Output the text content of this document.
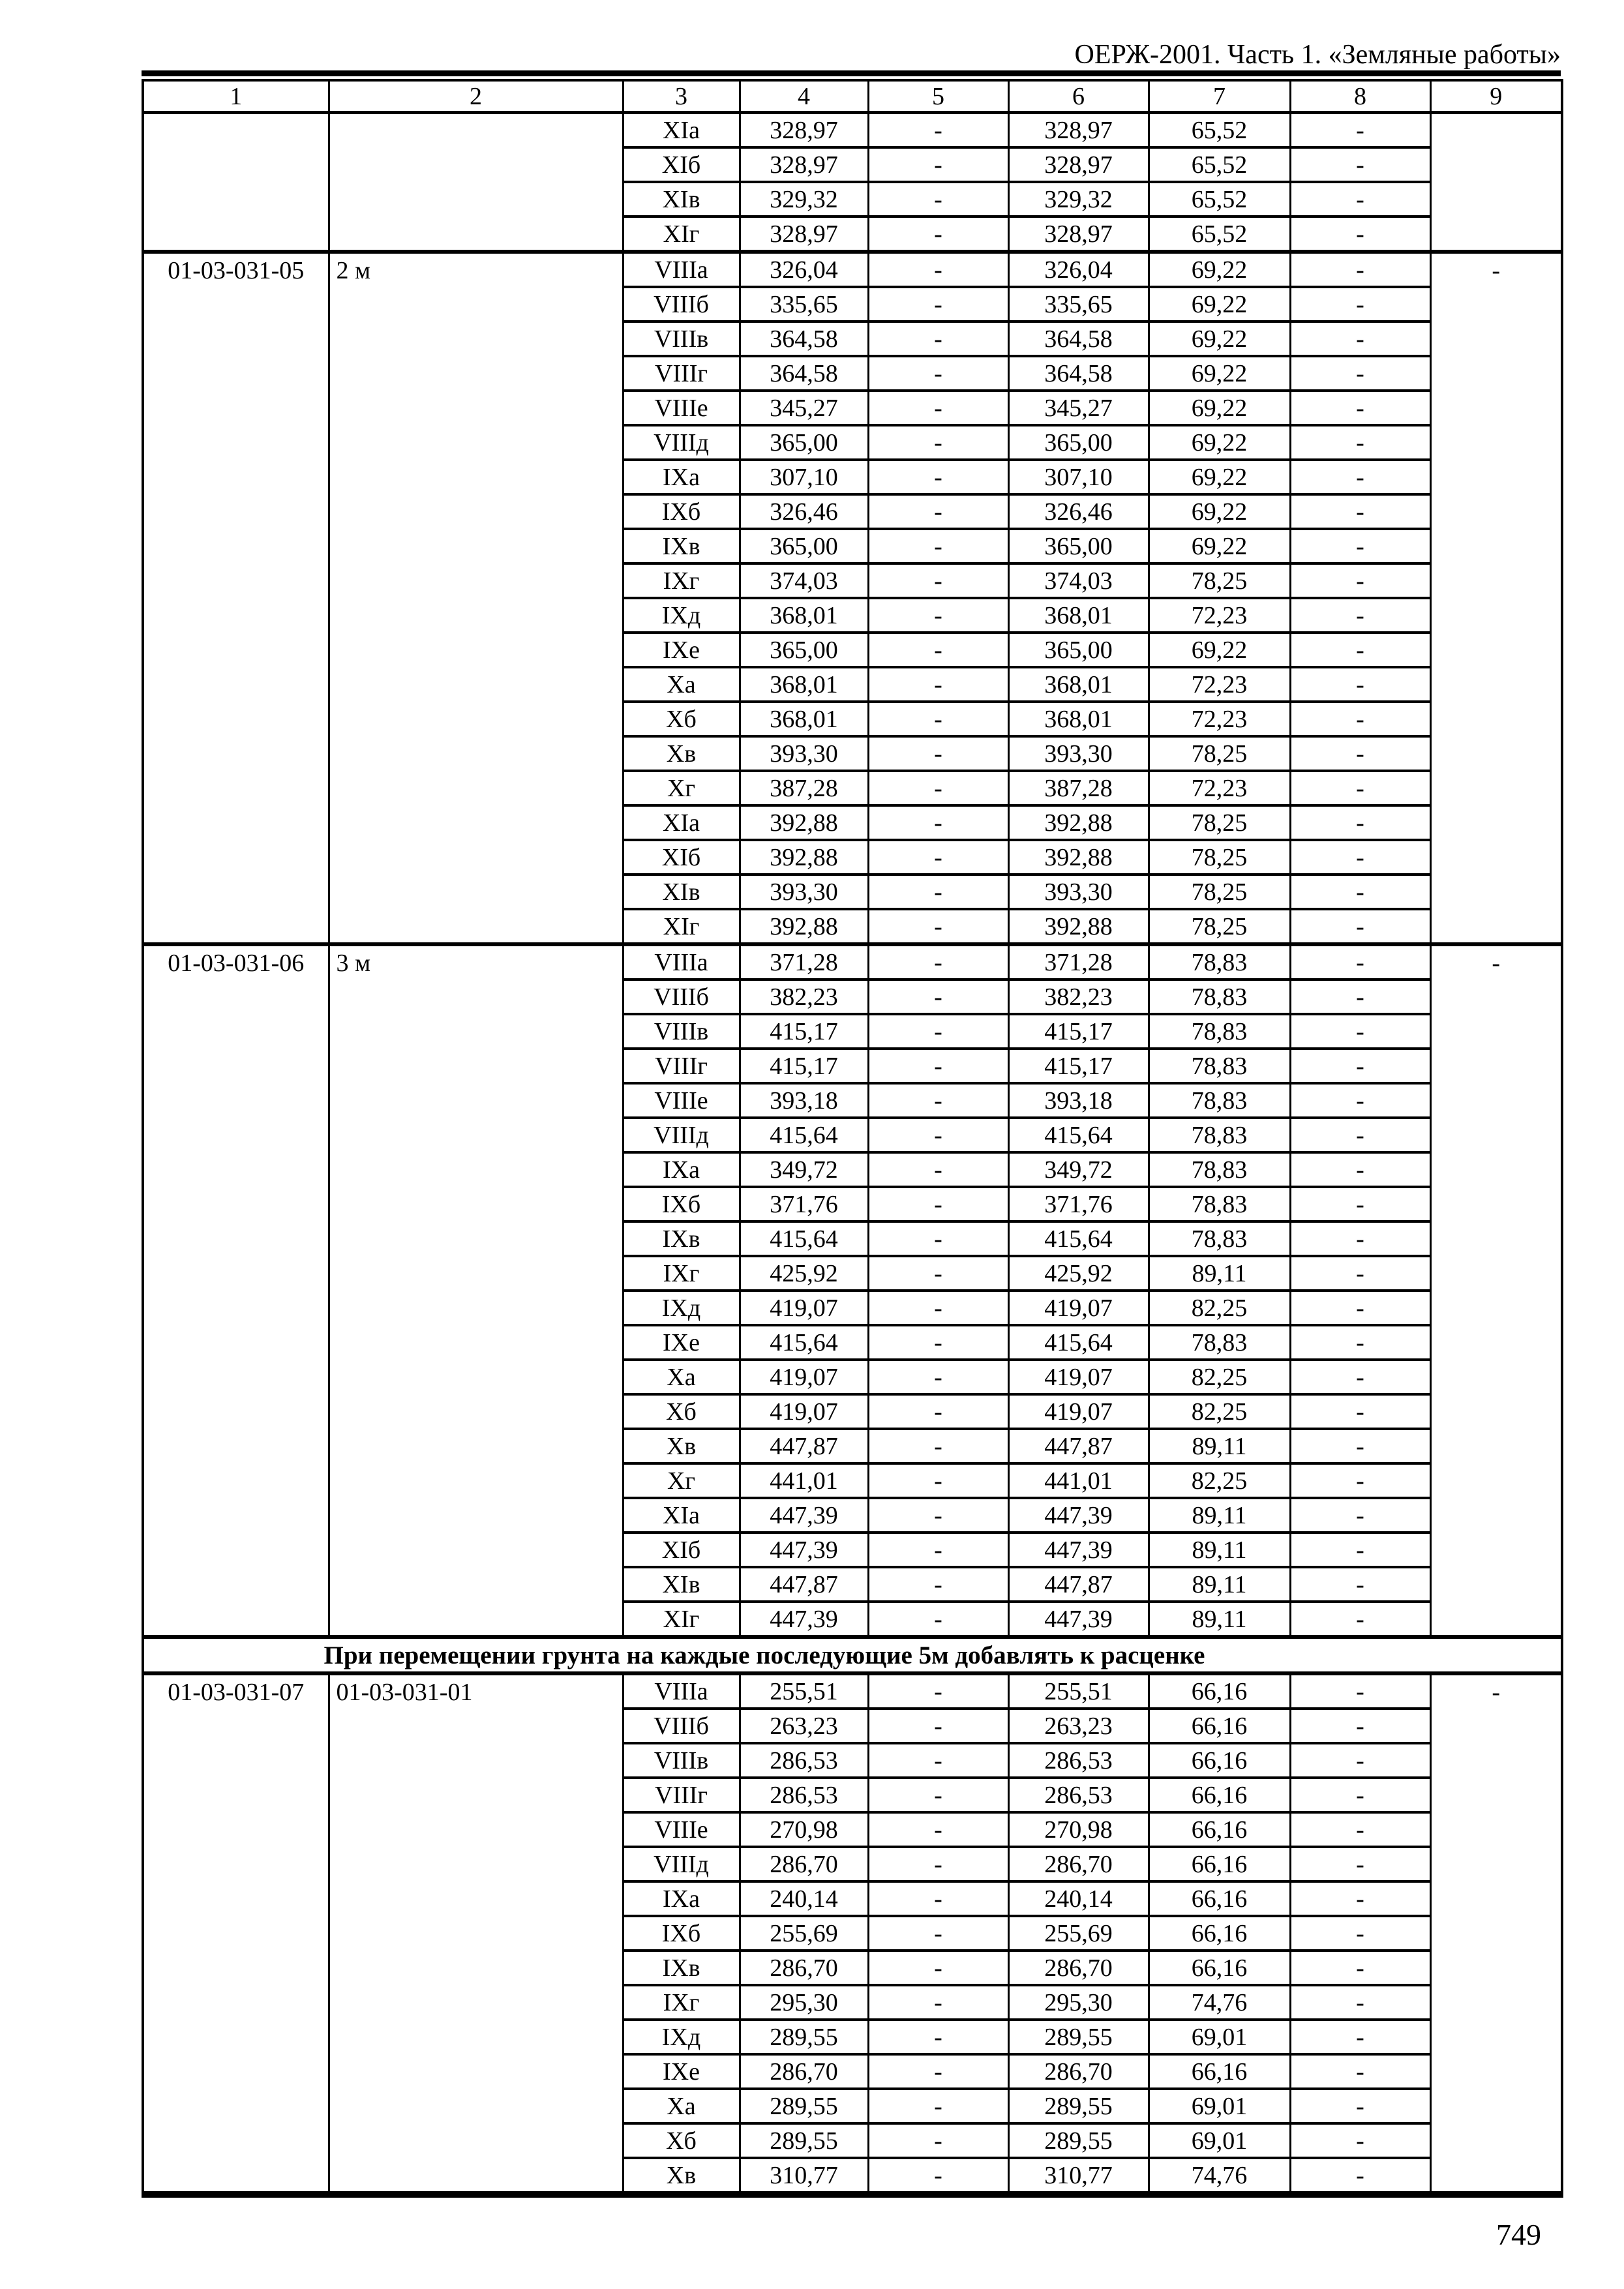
ОЕРЖ-2001. Часть 1. «Земляные работы»
1	2	3	4	5	6	7	8	9
		XIа	328,97	-	328,97	65,52	-	
		XIб	328,97	-	328,97	65,52	-	
		XIв	329,32	-	329,32	65,52	-	
		XIг	328,97	-	328,97	65,52	-	
01-03-031-05	2 м	VIIIа	326,04	-	326,04	69,22	-	-
		VIIIб	335,65	-	335,65	69,22	-	
		VIIIв	364,58	-	364,58	69,22	-	
		VIIIг	364,58	-	364,58	69,22	-	
		VIIIе	345,27	-	345,27	69,22	-	
		VIIIд	365,00	-	365,00	69,22	-	
		IXа	307,10	-	307,10	69,22	-	
		IXб	326,46	-	326,46	69,22	-	
		IXв	365,00	-	365,00	69,22	-	
		IXг	374,03	-	374,03	78,25	-	
		IXд	368,01	-	368,01	72,23	-	
		IXе	365,00	-	365,00	69,22	-	
		Xа	368,01	-	368,01	72,23	-	
		Xб	368,01	-	368,01	72,23	-	
		Xв	393,30	-	393,30	78,25	-	
		Xг	387,28	-	387,28	72,23	-	
		XIа	392,88	-	392,88	78,25	-	
		XIб	392,88	-	392,88	78,25	-	
		XIв	393,30	-	393,30	78,25	-	
		XIг	392,88	-	392,88	78,25	-	
01-03-031-06	3 м	VIIIа	371,28	-	371,28	78,83	-	-
		VIIIб	382,23	-	382,23	78,83	-	
		VIIIв	415,17	-	415,17	78,83	-	
		VIIIг	415,17	-	415,17	78,83	-	
		VIIIе	393,18	-	393,18	78,83	-	
		VIIIд	415,64	-	415,64	78,83	-	
		IXа	349,72	-	349,72	78,83	-	
		IXб	371,76	-	371,76	78,83	-	
		IXв	415,64	-	415,64	78,83	-	
		IXг	425,92	-	425,92	89,11	-	
		IXд	419,07	-	419,07	82,25	-	
		IXе	415,64	-	415,64	78,83	-	
		Xа	419,07	-	419,07	82,25	-	
		Xб	419,07	-	419,07	82,25	-	
		Xв	447,87	-	447,87	89,11	-	
		Xг	441,01	-	441,01	82,25	-	
		XIа	447,39	-	447,39	89,11	-	
		XIб	447,39	-	447,39	89,11	-	
		XIв	447,87	-	447,87	89,11	-	
		XIг	447,39	-	447,39	89,11	-	
При перемещении грунта на каждые последующие 5м добавлять к расценке								
01-03-031-07	01-03-031-01	VIIIа	255,51	-	255,51	66,16	-	-
		VIIIб	263,23	-	263,23	66,16	-	
		VIIIв	286,53	-	286,53	66,16	-	
		VIIIг	286,53	-	286,53	66,16	-	
		VIIIе	270,98	-	270,98	66,16	-	
		VIIIд	286,70	-	286,70	66,16	-	
		IXа	240,14	-	240,14	66,16	-	
		IXб	255,69	-	255,69	66,16	-	
		IXв	286,70	-	286,70	66,16	-	
		IXг	295,30	-	295,30	74,76	-	
		IXд	289,55	-	289,55	69,01	-	
		IXе	286,70	-	286,70	66,16	-	
		Xа	289,55	-	289,55	69,01	-	
		Xб	289,55	-	289,55	69,01	-	
		Xв	310,77	-	310,77	74,76	-	
749
